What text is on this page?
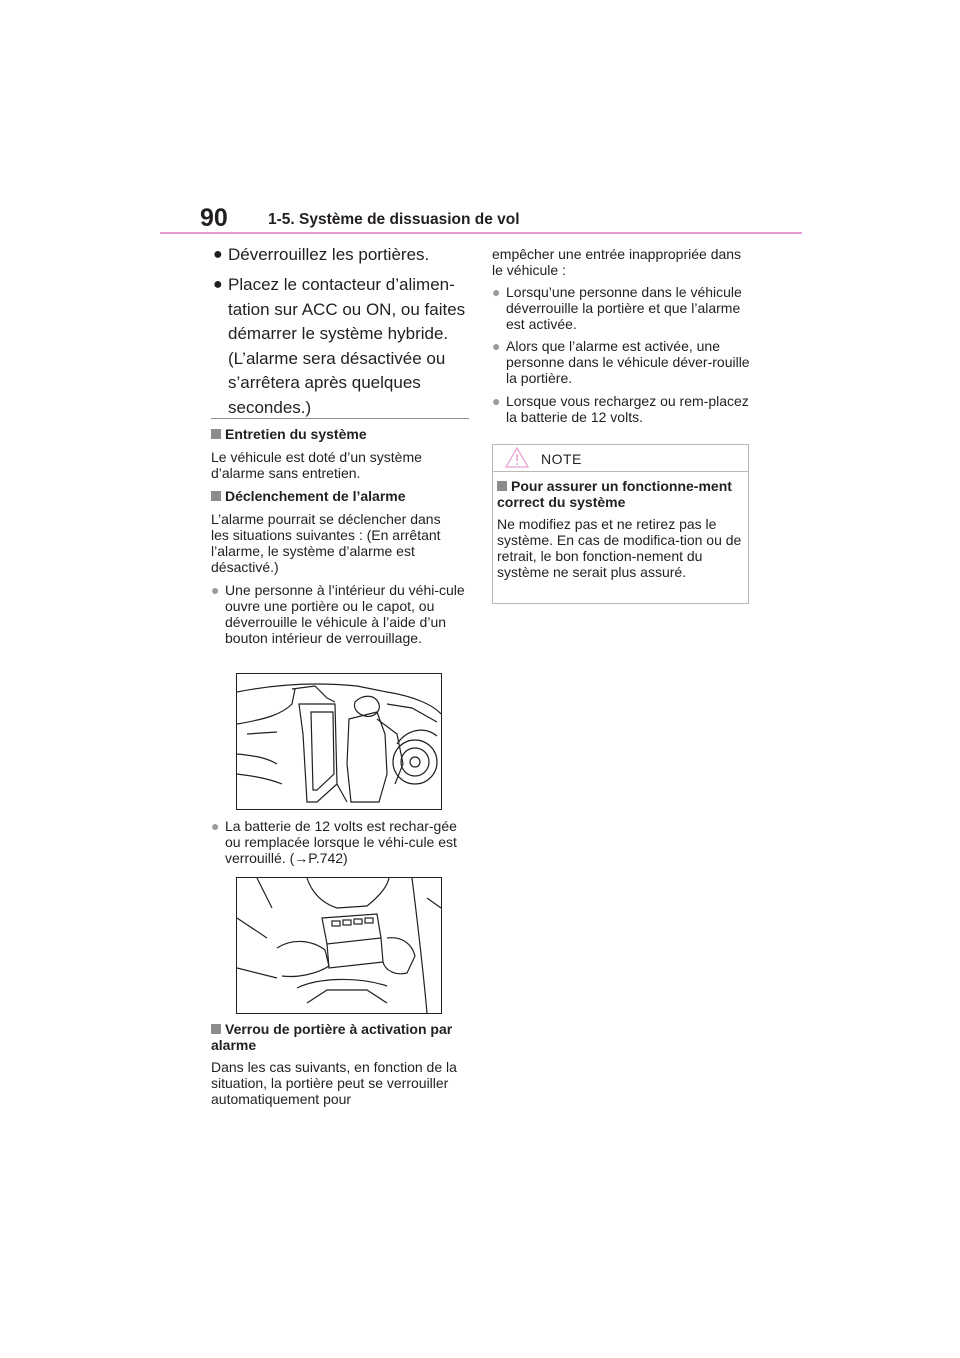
90	1-5. Système de dissuasion de vol
● Déverrouillez les portières.
● Placez le contacteur d’alimen-tation sur ACC ou ON, ou faites démarrer le système hybride. (L’alarme sera désactivée ou s’arrêtera après quelques secondes.)
Entretien du système
Le véhicule est doté d’un système d’alarme sans entretien.
Déclenchement de l’alarme
L’alarme pourrait se déclencher dans les situations suivantes : (En arrêtant l’alarme, le système d’alarme est désactivé.)
● Une personne à l’intérieur du véhi-cule ouvre une portière ou le capot, ou déverrouille le véhicule à l’aide d’un bouton intérieur de verrouillage.
● La batterie de 12 volts est rechar-gée ou remplacée lorsque le véhi-cule est verrouillé. (→P.742)
Verrou de portière à activation par alarme
Dans les cas suivants, en fonction de la situation, la portière peut se verrouiller automatiquement pour
empêcher une entrée inappropriée dans le véhicule :
● Lorsqu’une personne dans le véhicule déverrouille la portière et que l’alarme est activée.
● Alors que l’alarme est activée, une personne dans le véhicule déver-rouille la portière.
● Lorsque vous rechargez ou rem-placez la batterie de 12 volts.
NOTE
Pour assurer un fonctionne-ment correct du système
Ne modifiez pas et ne retirez pas le système. En cas de modifica-tion ou de retrait, le bon fonction-nement du système ne serait plus assuré.
